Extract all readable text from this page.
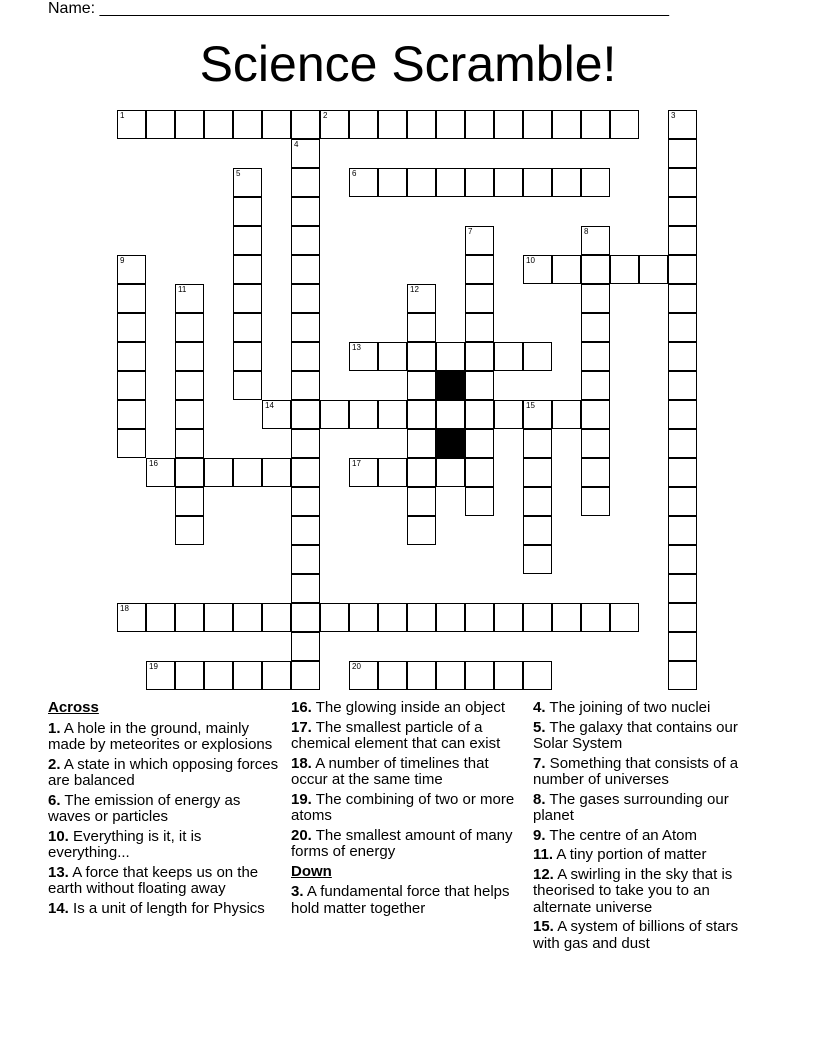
Name: ________________________________________________________________
Science Scramble!
1	2	3
4
5	6
7	8
9	10
11	12
13
14	15
16	17
18
19	20
Across
1. A hole in the ground, mainly made by meteorites or explosions
2. A state in which opposing forces are balanced
6. The emission of energy as waves or particles
10. Everything is it, it is everything...
13. A force that keeps us on the earth without floating away
14. Is a unit of length for Physics
16. The glowing inside an object
17. The smallest particle of a chemical element that can exist
18. A number of timelines that occur at the same time
19. The combining of two or more atoms
20. The smallest amount of many forms of energy
Down
3. A fundamental force that helps hold matter together
4. The joining of two nuclei
5. The galaxy that contains our Solar System
7. Something that consists of a number of universes
8. The gases surrounding our planet
9. The centre of an Atom
11. A tiny portion of matter
12. A swirling in the sky that is theorised to take you to an alternate universe
15. A system of billions of stars with gas and dust
